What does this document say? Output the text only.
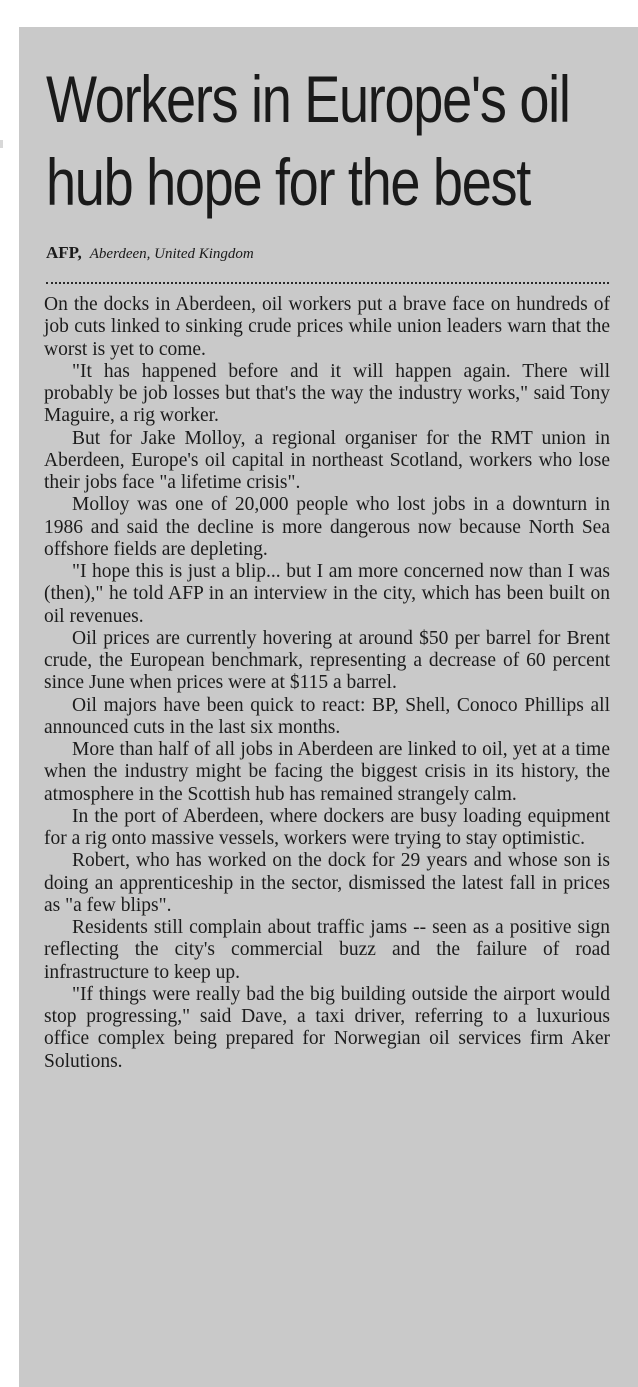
Workers in Europe's oil
hub hope for the best
AFP, Aberdeen, United Kingdom

On the docks in Aberdeen, oil workers put a brave face on hundreds of job cuts linked to sinking crude prices while union leaders warn that the worst is yet to come.

"It has happened before and it will happen again. There will probably be job losses but that's the way the industry works," said Tony Maguire, a rig worker.

But for Jake Molloy, a regional organiser for the RMT union in Aberdeen, Europe's oil capital in northeast Scotland, workers who lose their jobs face "a lifetime crisis".

Molloy was one of 20,000 people who lost jobs in a downturn in 1986 and said the decline is more dangerous now because North Sea offshore fields are depleting.

"I hope this is just a blip... but I am more concerned now than I was (then)," he told AFP in an interview in the city, which has been built on oil revenues.

Oil prices are currently hovering at around $50 per barrel for Brent crude, the European benchmark, representing a decrease of 60 percent since June when prices were at $115 a barrel.

Oil majors have been quick to react: BP, Shell, Conoco Phillips all announced cuts in the last six months.

More than half of all jobs in Aberdeen are linked to oil, yet at a time when the industry might be facing the biggest crisis in its history, the atmosphere in the Scottish hub has remained strangely calm.

In the port of Aberdeen, where dockers are busy loading equipment for a rig onto massive vessels, workers were trying to stay optimistic.

Robert, who has worked on the dock for 29 years and whose son is doing an apprenticeship in the sector, dismissed the latest fall in prices as "a few blips".

Residents still complain about traffic jams -- seen as a positive sign reflecting the city's commercial buzz and the failure of road infrastructure to keep up.

"If things were really bad the big building outside the airport would stop progressing," said Dave, a taxi driver, referring to a luxurious office complex being prepared for Norwegian oil services firm Aker Solutions.
